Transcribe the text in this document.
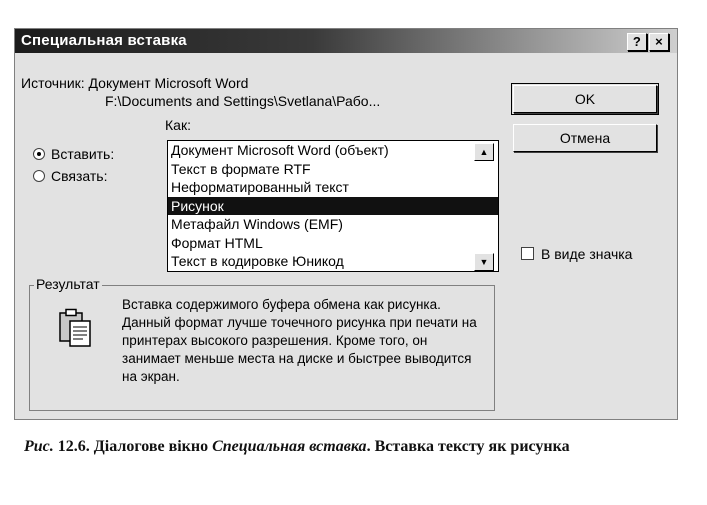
Специальная вставка	?	×
Источник: Документ Microsoft Word
F:\Documents and Settings\Svetlana\Рабо...	OK
Отмена
Как:
Вставить:
Связать:
Документ Microsoft Word (объект)
Текст в формате RTF
Неформатированный текст
Рисунок
Метафайл Windows (EMF)
Формат HTML
Текст в кодировке Юникод
▲
▼	В виде значка
Результат
Вставка содержимого буфера обмена как рисунка. Данный формат лучше точечного рисунка при печати на принтерах высокого разрешения. Кроме того, он занимает меньше места на диске и быстрее выводится на экран.
Рис. 12.6. Діалогове вікно Специальная вставка. Вставка тексту як рисунка
